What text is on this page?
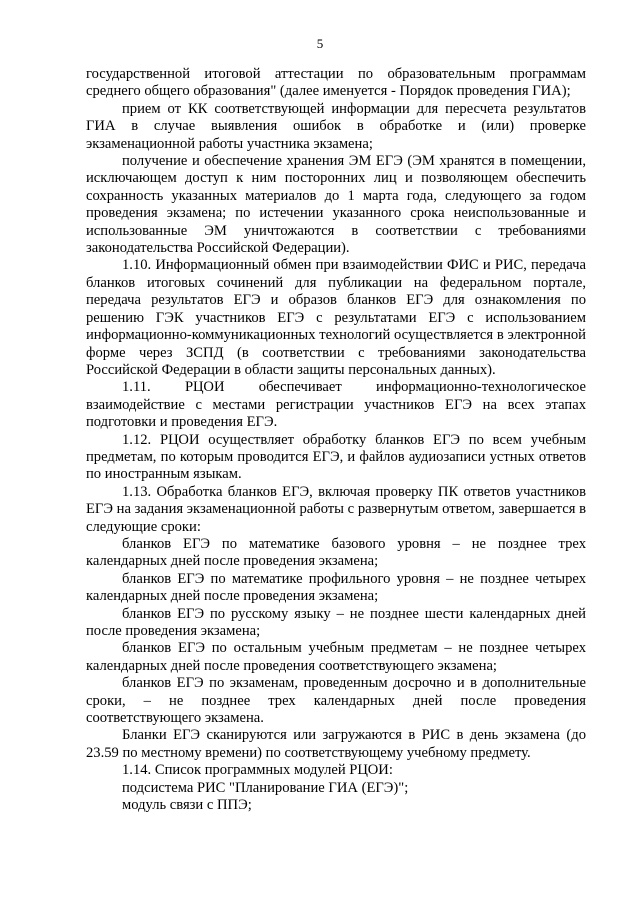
5

государственной итоговой аттестации по образовательным программам среднего общего образования" (далее именуется - Порядок проведения ГИА);

прием от КК соответствующей информации для пересчета результатов ГИА в случае выявления ошибок в обработке и (или) проверке экзаменационной работы участника экзамена;

получение и обеспечение хранения ЭМ ЕГЭ (ЭМ хранятся в помещении, исключающем доступ к ним посторонних лиц и позволяющем обеспечить сохранность указанных материалов до 1 марта года, следующего за годом проведения экзамена; по истечении указанного срока неиспользованные и использованные ЭМ уничтожаются в соответствии с требованиями законодательства Российской Федерации).

1.10. Информационный обмен при взаимодействии ФИС и РИС, передача бланков итоговых сочинений для публикации на федеральном портале, передача результатов ЕГЭ и образов бланков ЕГЭ для ознакомления по решению ГЭК участников ЕГЭ с результатами ЕГЭ с использованием информационно-коммуникационных технологий осуществляется в электронной форме через ЗСПД (в соответствии с требованиями законодательства Российской Федерации в области защиты персональных данных).

1.11. РЦОИ обеспечивает информационно-технологическое взаимодействие с местами регистрации участников ЕГЭ на всех этапах подготовки и проведения ЕГЭ.

1.12. РЦОИ осуществляет обработку бланков ЕГЭ по всем учебным предметам, по которым проводится ЕГЭ, и файлов аудиозаписи устных ответов по иностранным языкам.

1.13. Обработка бланков ЕГЭ, включая проверку ПК ответов участников ЕГЭ на задания экзаменационной работы с развернутым ответом, завершается в следующие сроки:

бланков ЕГЭ по математике базового уровня – не позднее трех календарных дней после проведения экзамена;

бланков ЕГЭ по математике профильного уровня – не позднее четырех календарных дней после проведения экзамена;

бланков ЕГЭ по русскому языку – не позднее шести календарных дней после проведения экзамена;

бланков ЕГЭ по остальным учебным предметам – не позднее четырех календарных дней после проведения соответствующего экзамена;

бланков ЕГЭ по экзаменам, проведенным досрочно и в дополнительные сроки, – не позднее трех календарных дней после проведения соответствующего экзамена.

Бланки ЕГЭ сканируются или загружаются в РИС в день экзамена (до 23.59 по местному времени) по соответствующему учебному предмету.

1.14. Список программных модулей РЦОИ:

подсистема РИС "Планирование ГИА (ЕГЭ)";

модуль связи с ППЭ;
